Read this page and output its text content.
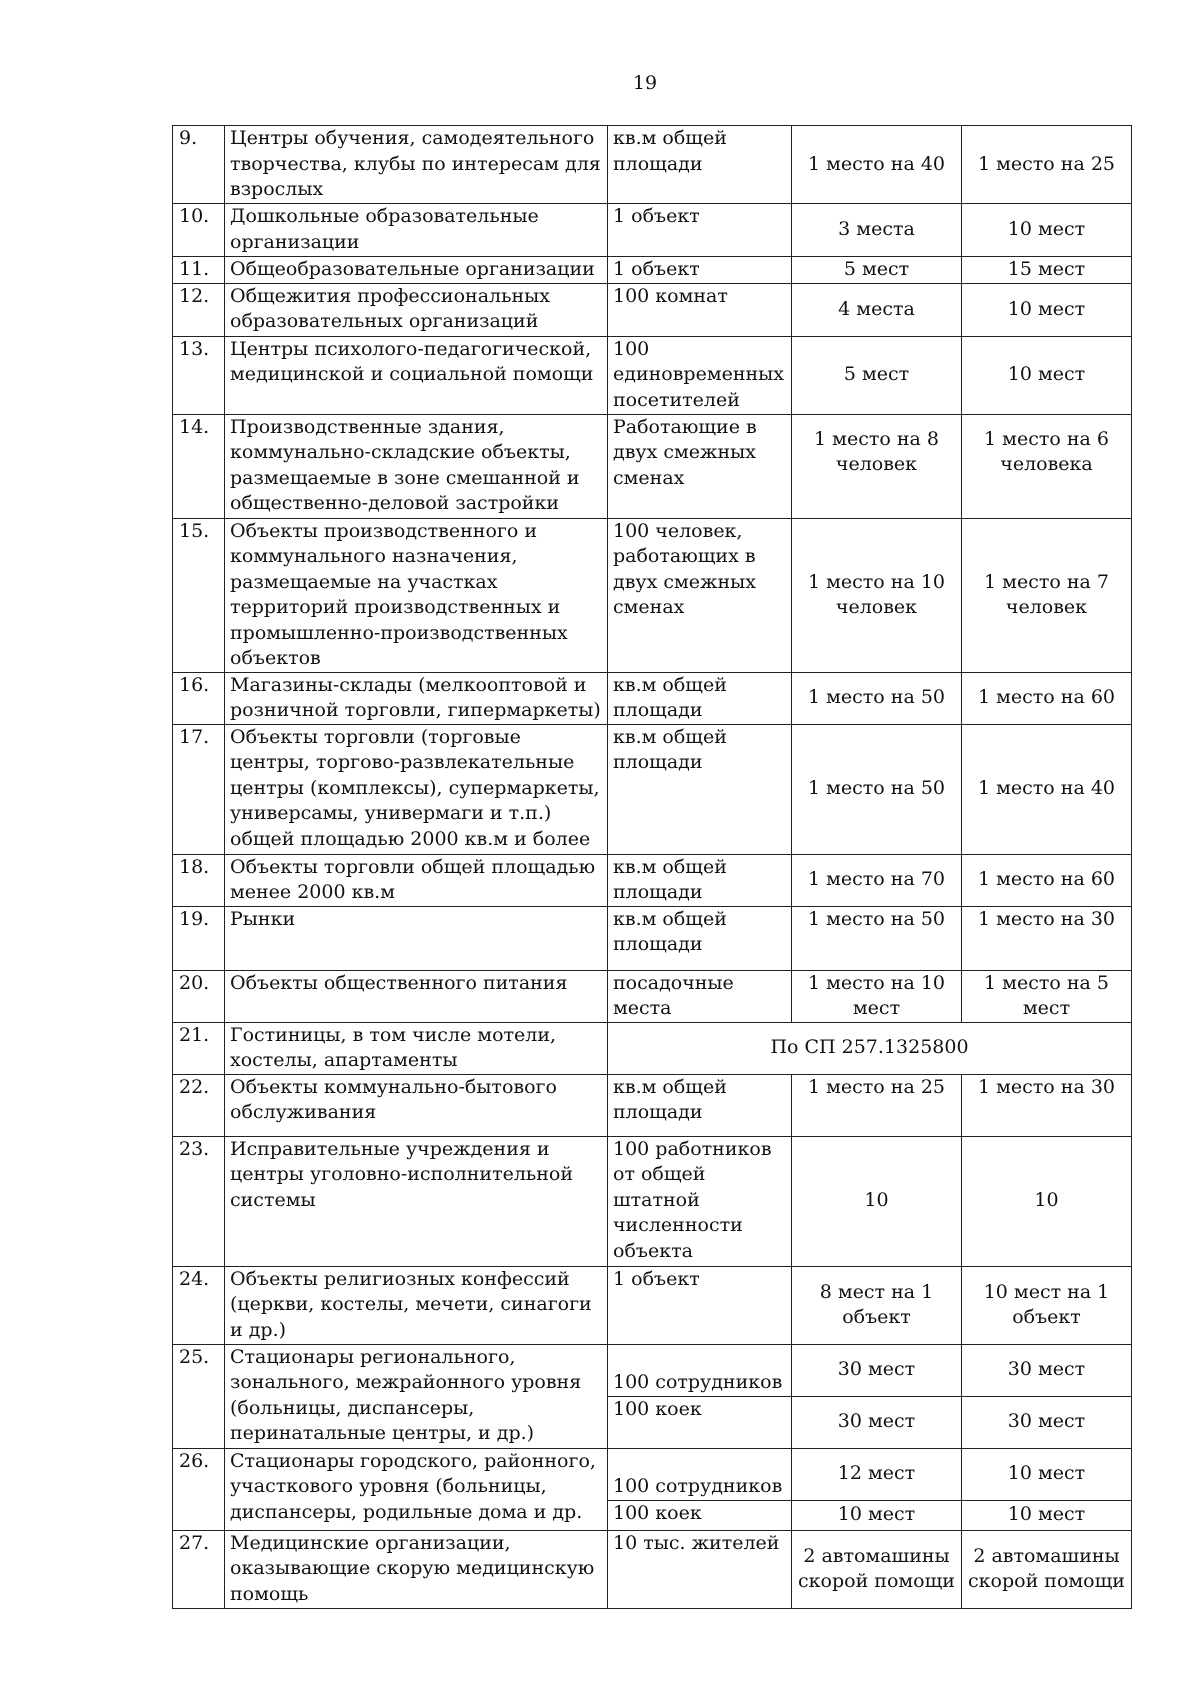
19
9.	Центры обучения, самодеятельного творчества, клубы по интересам для взрослых	кв.м общей площади	1 место на 40	1 место на 25
10.	Дошкольные образовательные организации	1 объект	3 места	10 мест
11.	Общеобразовательные организации	1 объект	5 мест	15 мест
12.	Общежития профессиональных образовательных организаций	100 комнат	4 места	10 мест
13.	Центры психолого-педагогической, медицинской и социальной помощи	100 единовременных посетителей	5 мест	10 мест
14.	Производственные здания, коммунально-складские объекты, размещаемые в зоне смешанной и общественно-деловой застройки	Работающие в двух смежных сменах	1 место на 8 человек	1 место на 6 человека
15.	Объекты производственного и коммунального назначения, размещаемые на участках территорий производственных и промышленно-производственных объектов	100 человек, работающих в двух смежных сменах	1 место на 10 человек	1 место на 7 человек
16.	Магазины-склады (мелкооптовой и розничной торговли, гипермаркеты)	кв.м общей площади	1 место на 50	1 место на 60
17.	Объекты торговли (торговые центры, торгово-развлекательные центры (комплексы), супермаркеты, универсамы, универмаги и т.п.) общей площадью 2000 кв.м и более	кв.м общей площади	1 место на 50	1 место на 40
18.	Объекты торговли общей площадью менее 2000 кв.м	кв.м общей площади	1 место на 70	1 место на 60
19.	Рынки	кв.м общей площади	1 место на 50	1 место на 30
20.	Объекты общественного питания	посадочные места	1 место на 10 мест	1 место на 5 мест
21.	Гостиницы, в том числе мотели, хостелы, апартаменты	По СП 257.1325800		
22.	Объекты коммунально-бытового обслуживания	кв.м общей площади	1 место на 25	1 место на 30
23.	Исправительные учреждения и центры уголовно-исполнительной системы	100 работников от общей штатной численности объекта	10	10
24.	Объекты религиозных конфессий (церкви, костелы, мечети, синагоги и др.)	1 объект	8 мест на 1 объект	10 мест на 1 объект
25.	Стационары регионального, зонального, межрайонного уровня (больницы, диспансеры, перинатальные центры, и др.)	100 сотрудников	30 мест	30 мест
		100 коек	30 мест	30 мест
26.	Стационары городского, районного, участкового уровня (больницы, диспансеры, родильные дома и др.	100 сотрудников	12 мест	10 мест
		100 коек	10 мест	10 мест
27.	Медицинские организации, оказывающие скорую медицинскую помощь	10 тыс. жителей	2 автомашины скорой помощи	2 автомашины скорой помощи
